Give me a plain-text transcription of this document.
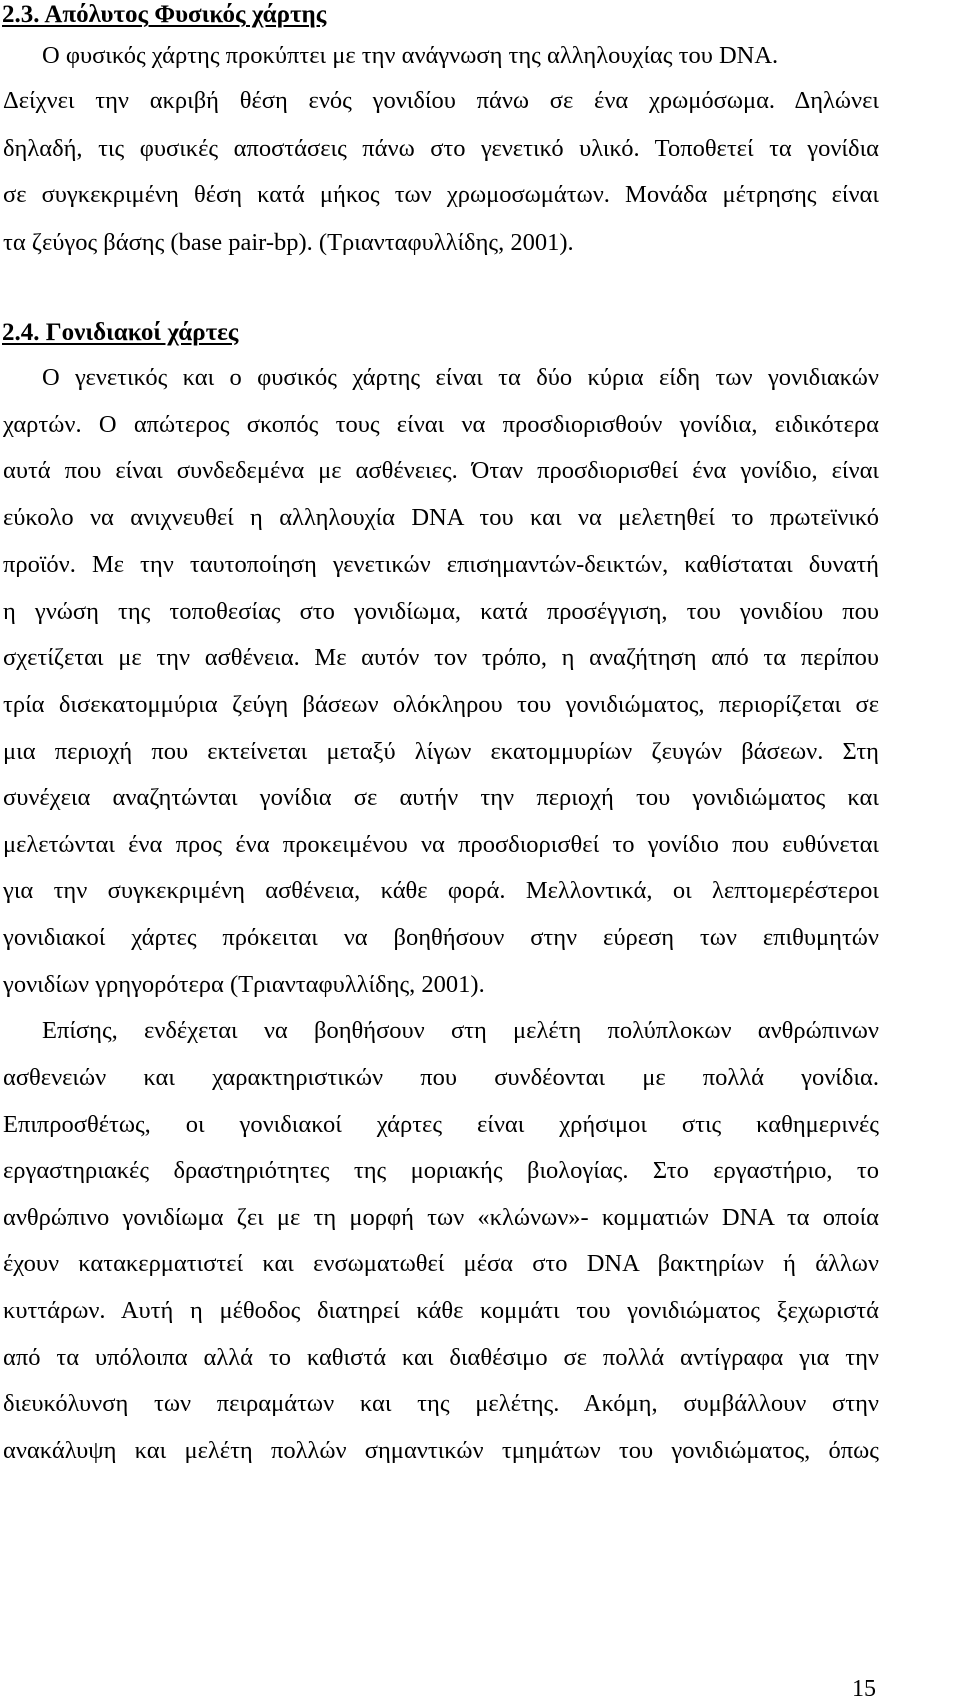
2.3. Απόλυτος Φυσικός χάρτης
Ο φυσικός χάρτης προκύπτει με την ανάγνωση της αλληλουχίας του DNA.
Δείχνει την ακριβή θέση ενός γονιδίου πάνω σε ένα χρωμόσωμα. Δηλώνει
δηλαδή, τις φυσικές αποστάσεις πάνω στο γενετικό υλικό. Τοποθετεί τα γονίδια
σε συγκεκριμένη θέση κατά μήκος των χρωμοσωμάτων. Μονάδα μέτρησης είναι
τα ζεύγος βάσης (base pair-bp). (Τριανταφυλλίδης, 2001).
2.4. Γονιδιακοί χάρτες
Ο γενετικός και ο φυσικός χάρτης είναι τα δύο κύρια είδη των γονιδιακών
χαρτών. Ο απώτερος σκοπός τους είναι να προσδιορισθούν γονίδια, ειδικότερα
αυτά που είναι συνδεδεμένα με ασθένειες. Όταν προσδιορισθεί ένα γονίδιο, είναι
εύκολο να ανιχνευθεί η αλληλουχία DNA του και να μελετηθεί το πρωτεϊνικό
προϊόν. Με την ταυτοποίηση γενετικών επισημαντών-δεικτών, καθίσταται δυνατή
η γνώση της τοποθεσίας στο γονιδίωμα, κατά προσέγγιση, του γονιδίου που
σχετίζεται με την ασθένεια. Με αυτόν τον τρόπο, η αναζήτηση από τα περίπου
τρία δισεκατομμύρια ζεύγη βάσεων ολόκληρου του γονιδιώματος, περιορίζεται σε
μια περιοχή που εκτείνεται μεταξύ λίγων εκατομμυρίων ζευγών βάσεων. Στη
συνέχεια αναζητώνται γονίδια σε αυτήν την περιοχή του γονιδιώματος και
μελετώνται ένα προς ένα προκειμένου να προσδιορισθεί το γονίδιο που ευθύνεται
για την συγκεκριμένη ασθένεια, κάθε φορά. Μελλοντικά, οι λεπτομερέστεροι
γονιδιακοί χάρτες πρόκειται να βοηθήσουν στην εύρεση των επιθυμητών
γονιδίων γρηγορότερα (Τριανταφυλλίδης, 2001).
Επίσης, ενδέχεται να βοηθήσουν στη μελέτη πολύπλοκων ανθρώπινων
ασθενειών και χαρακτηριστικών που συνδέονται με πολλά γονίδια.
Επιπροσθέτως, οι γονιδιακοί χάρτες είναι χρήσιμοι στις καθημερινές
εργαστηριακές δραστηριότητες της μοριακής βιολογίας. Στο εργαστήριο, το
ανθρώπινο γονιδίωμα ζει με τη μορφή των «κλώνων»- κομματιών DNA τα οποία
έχουν κατακερματιστεί και ενσωματωθεί μέσα στο DNA βακτηρίων ή άλλων
κυττάρων. Αυτή η μέθοδος διατηρεί κάθε κομμάτι του γονιδιώματος ξεχωριστά
από τα υπόλοιπα αλλά το καθιστά και διαθέσιμο σε πολλά αντίγραφα για την
διευκόλυνση των πειραμάτων και της μελέτης. Ακόμη, συμβάλλουν στην
ανακάλυψη και μελέτη πολλών σημαντικών τμημάτων του γονιδιώματος, όπως
15
